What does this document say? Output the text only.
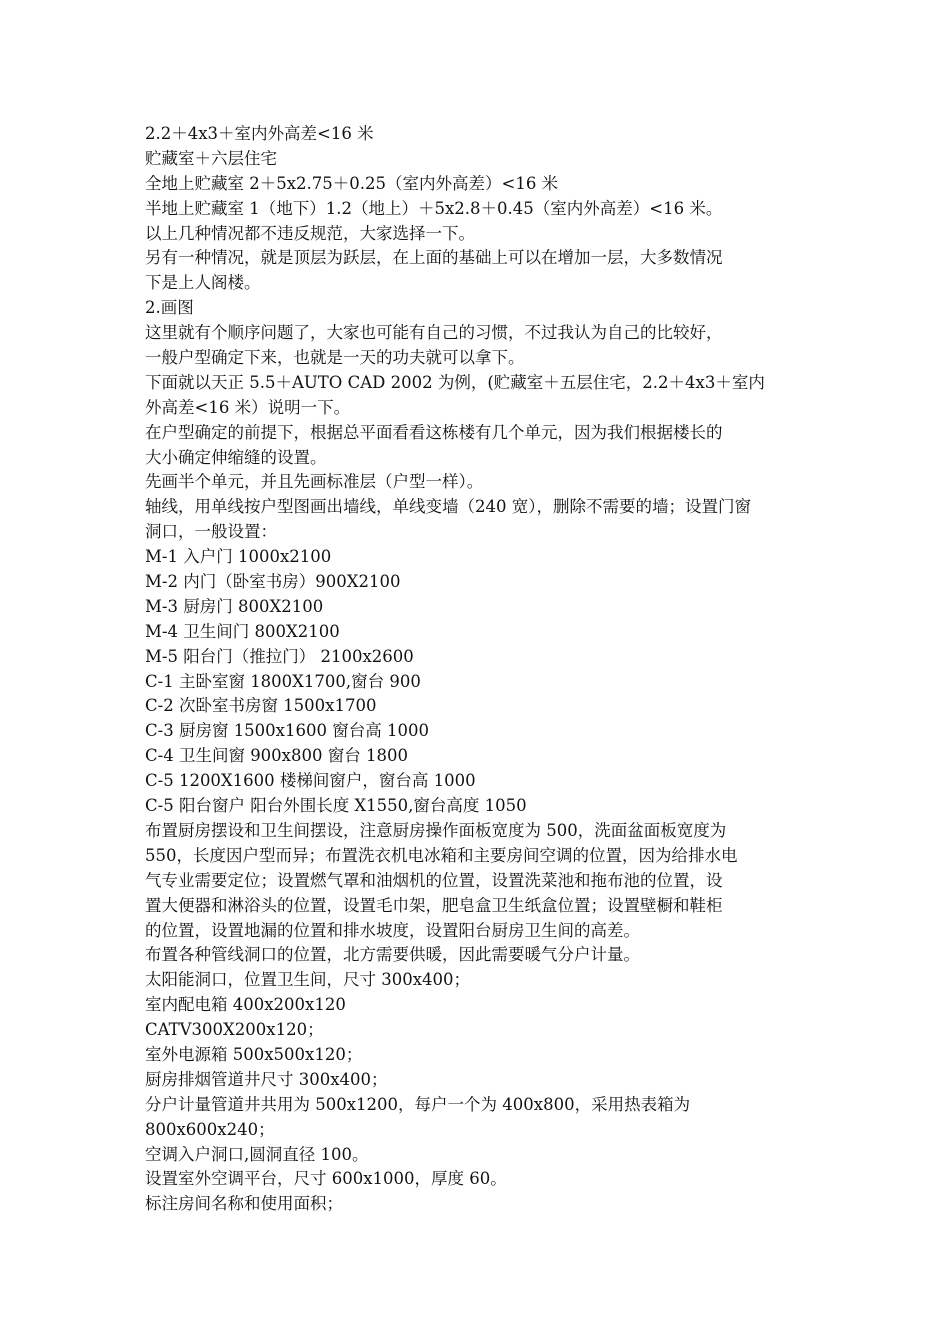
2.2＋4x3＋室内外高差<16 米
贮藏室＋六层住宅
全地上贮藏室 2＋5x2.75＋0.25（室内外高差）<16 米
半地上贮藏室 1（地下）1.2（地上）＋5x2.8＋0.45（室内外高差）<16 米。
以上几种情况都不违反规范，大家选择一下。
另有一种情况，就是顶层为跃层，在上面的基础上可以在增加一层，大多数情况
下是上人阁楼。
2.画图
这里就有个顺序问题了，大家也可能有自己的习惯，不过我认为自己的比较好，
一般户型确定下来，也就是一天的功夫就可以拿下。
下面就以天正 5.5＋AUTO CAD 2002 为例，(贮藏室＋五层住宅，2.2＋4x3＋室内
外高差<16 米）说明一下。
在户型确定的前提下，根据总平面看看这栋楼有几个单元，因为我们根据楼长的
大小确定伸缩缝的设置。
先画半个单元，并且先画标准层（户型一样）。
轴线，用单线按户型图画出墙线，单线变墙（240 宽），删除不需要的墙；设置门窗
洞口，一般设置：
M-1 入户门 1000x2100
M-2 内门（卧室书房）900X2100
M-3 厨房门 800X2100
M-4 卫生间门 800X2100
M-5 阳台门（推拉门） 2100x2600
C-1 主卧室窗 1800X1700,窗台 900
C-2 次卧室书房窗 1500x1700
C-3 厨房窗 1500x1600 窗台高 1000
C-4 卫生间窗 900x800 窗台 1800
C-5 1200X1600 楼梯间窗户，窗台高 1000
C-5 阳台窗户 阳台外围长度 X1550,窗台高度 1050
布置厨房摆设和卫生间摆设，注意厨房操作面板宽度为 500，洗面盆面板宽度为
550，长度因户型而异；布置洗衣机电冰箱和主要房间空调的位置，因为给排水电
气专业需要定位；设置燃气罩和油烟机的位置，设置洗菜池和拖布池的位置，设
置大便器和淋浴头的位置，设置毛巾架，肥皂盒卫生纸盒位置；设置壁橱和鞋柜
的位置，设置地漏的位置和排水坡度，设置阳台厨房卫生间的高差。
布置各种管线洞口的位置，北方需要供暖，因此需要暖气分户计量。
太阳能洞口，位置卫生间，尺寸 300x400；
室内配电箱 400x200x120
CATV300X200x120；
室外电源箱 500x500x120；
厨房排烟管道井尺寸 300x400；
分户计量管道井共用为 500x1200，每户一个为 400x800，采用热表箱为
800x600x240；
空调入户洞口,圆洞直径 100。
设置室外空调平台，尺寸 600x1000，厚度 60。
标注房间名称和使用面积；
